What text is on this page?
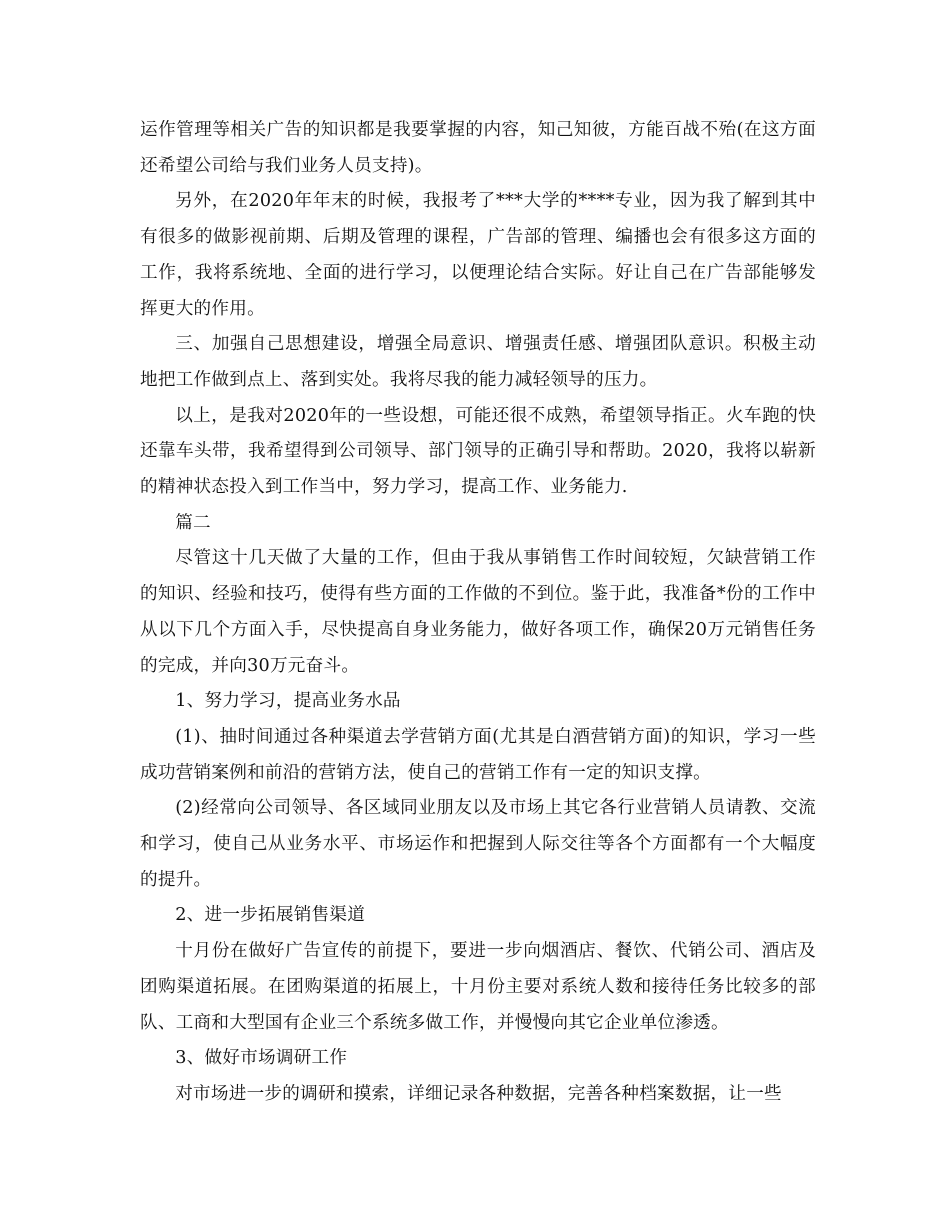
运作管理等相关广告的知识都是我要掌握的内容，知己知彼，方能百战不殆(在这方面还希望公司给与我们业务人员支持)。

另外，在2020年年末的时候，我报考了***大学的****专业，因为我了解到其中有很多的做影视前期、后期及管理的课程，广告部的管理、编播也会有很多这方面的工作，我将系统地、全面的进行学习，以便理论结合实际。好让自己在广告部能够发挥更大的作用。

三、加强自己思想建设，增强全局意识、增强责任感、增强团队意识。积极主动地把工作做到点上、落到实处。我将尽我的能力减轻领导的压力。

以上，是我对2020年的一些设想，可能还很不成熟，希望领导指正。火车跑的快还靠车头带，我希望得到公司领导、部门领导的正确引导和帮助。2020，我将以崭新的精神状态投入到工作当中，努力学习，提高工作、业务能力.

篇二

尽管这十几天做了大量的工作，但由于我从事销售工作时间较短，欠缺营销工作的知识、经验和技巧，使得有些方面的工作做的不到位。鉴于此，我准备*份的工作中从以下几个方面入手，尽快提高自身业务能力，做好各项工作，确保20万元销售任务的完成，并向30万元奋斗。

1、努力学习，提高业务水品

(1)、抽时间通过各种渠道去学营销方面(尤其是白酒营销方面)的知识，学习一些成功营销案例和前沿的营销方法，使自己的营销工作有一定的知识支撑。

(2)经常向公司领导、各区域同业朋友以及市场上其它各行业营销人员请教、交流和学习，使自己从业务水平、市场运作和把握到人际交往等各个方面都有一个大幅度的提升。

2、进一步拓展销售渠道

十月份在做好广告宣传的前提下，要进一步向烟酒店、餐饮、代销公司、酒店及团购渠道拓展。在团购渠道的拓展上，十月份主要对系统人数和接待任务比较多的部队、工商和大型国有企业三个系统多做工作，并慢慢向其它企业单位渗透。

3、做好市场调研工作

对市场进一步的调研和摸索，详细记录各种数据，完善各种档案数据，让一些
